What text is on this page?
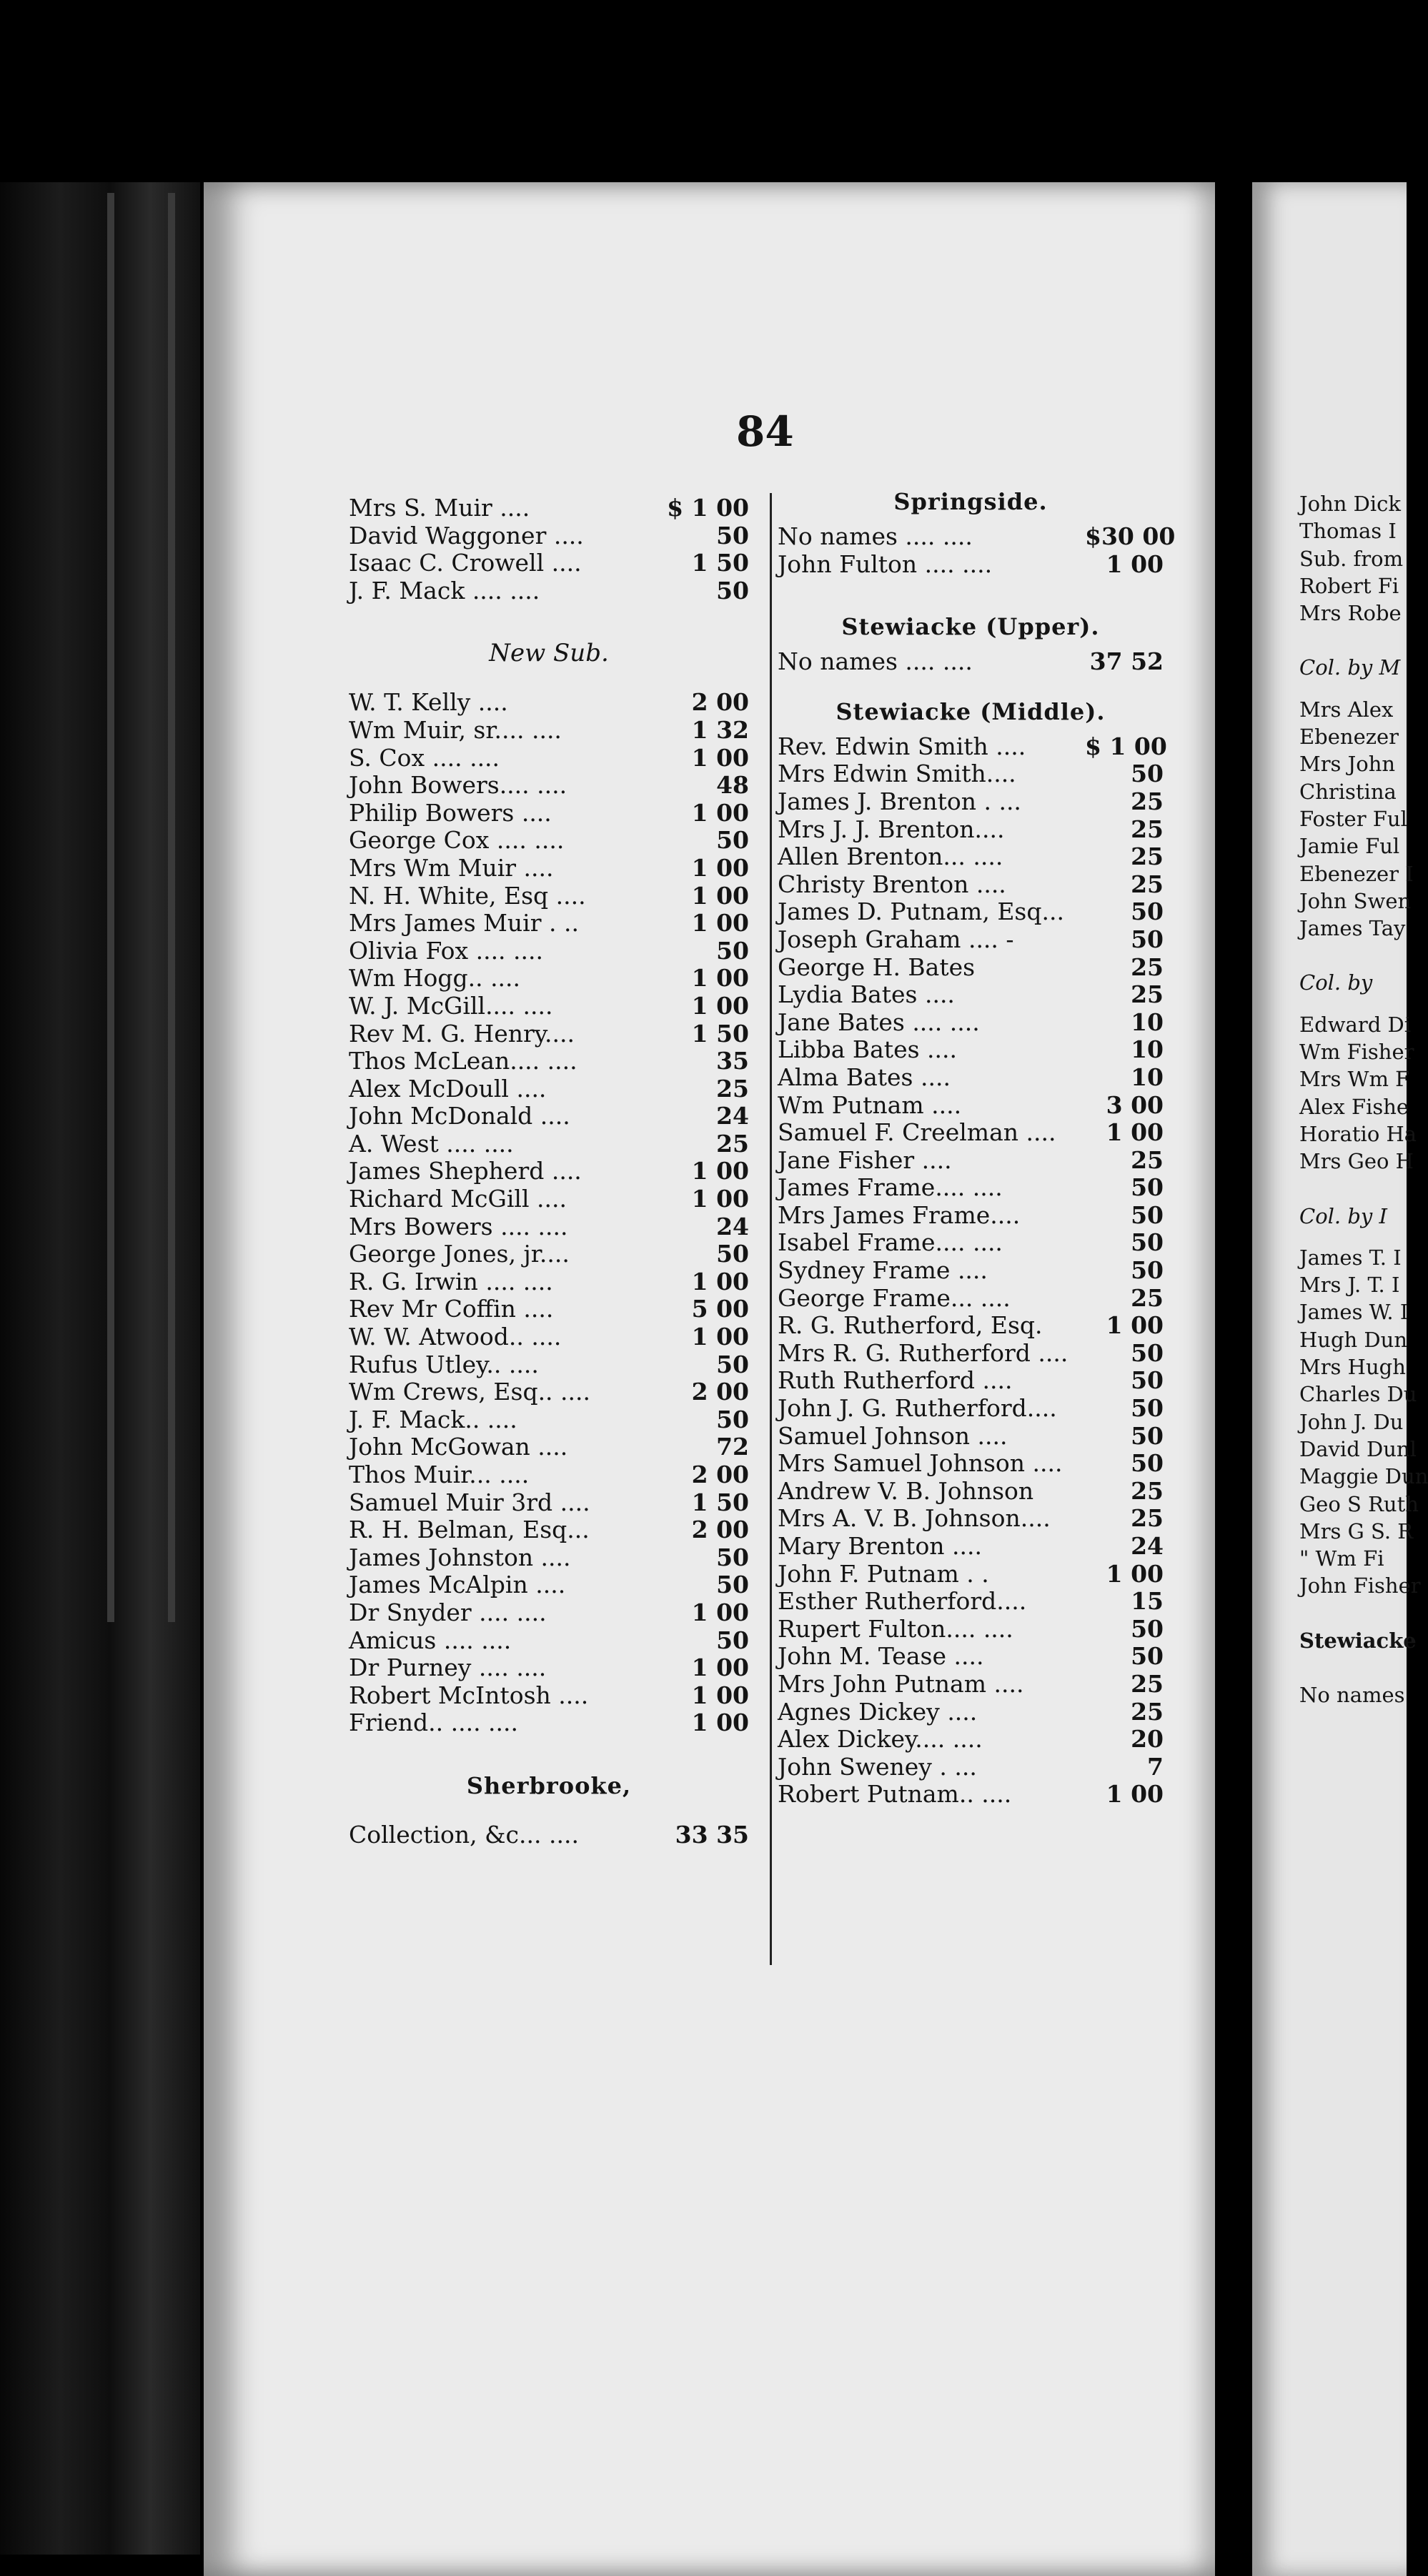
84
Mrs S. Muir ....	$ 1 00
David Waggoner ....	50
Isaac C. Crowell ....	1 50
J. F. Mack .... ....	50
New Sub.
W. T. Kelly ....	2 00
Wm Muir, sr.... ....	1 32
S. Cox .... ....	1 00
John Bowers.... ....	48
Philip Bowers ....	1 00
George Cox .... ....	50
Mrs Wm Muir ....	1 00
N. H. White, Esq ....	1 00
Mrs James Muir . ..	1 00
Olivia Fox .... ....	50
Wm Hogg.. ....	1 00
W. J. McGill.... ....	1 00
Rev M. G. Henry....	1 50
Thos McLean.... ....	35
Alex McDoull ....	25
John McDonald ....	24
A. West .... ....	25
James Shepherd ....	1 00
Richard McGill ....	1 00
Mrs Bowers .... ....	24
George Jones, jr....	50
R. G. Irwin .... ....	1 00
Rev Mr Coffin ....	5 00
W. W. Atwood.. ....	1 00
Rufus Utley.. ....	50
Wm Crews, Esq.. ....	2 00
J. F. Mack.. ....	50
John McGowan ....	72
Thos Muir... ....	2 00
Samuel Muir 3rd ....	1 50
R. H. Belman, Esq...	2 00
James Johnston ....	50
James McAlpin ....	50
Dr Snyder .... ....	1 00
Amicus .... ....	50
Dr Purney .... ....	1 00
Robert McIntosh ....	1 00
Friend.. .... ....	1 00
Sherbrooke,
Collection, &c... ....	33 35
Springside.
No names .... ....	$30 00
John Fulton .... ....	1 00
Stewiacke (Upper).
No names .... ....	37 52
Stewiacke (Middle).
Rev. Edwin Smith ....	$ 1 00
Mrs Edwin Smith....	50
James J. Brenton . ...	25
Mrs J. J. Brenton....	25
Allen Brenton... ....	25
Christy Brenton ....	25
James D. Putnam, Esq...	50
Joseph Graham .... -	50
George H. Bates	25
Lydia Bates ....	25
Jane Bates .... ....	10
Libba Bates ....	10
Alma Bates ....	10
Wm Putnam ....	3 00
Samuel F. Creelman ....	1 00
Jane Fisher ....	25
James Frame.... ....	50
Mrs James Frame....	50
Isabel Frame.... ....	50
Sydney Frame ....	50
George Frame... ....	25
R. G. Rutherford, Esq.	1 00
Mrs R. G. Rutherford ....	50
Ruth Rutherford ....	50
John J. G. Rutherford....	50
Samuel Johnson ....	50
Mrs Samuel Johnson ....	50
Andrew V. B. Johnson	25
Mrs A. V. B. Johnson....	25
Mary Brenton ....	24
John F. Putnam . .	1 00
Esther Rutherford....	15
Rupert Fulton.... ....	50
John M. Tease ....	50
Mrs John Putnam ....	25
Agnes Dickey ....	25
Alex Dickey.... ....	20
John Sweney . ...	7
Robert Putnam.. ....	1 00
John Dick
Thomas I
Sub. from
Robert Fi
Mrs Robe
Col. by M
Mrs Alex
Ebenezer
Mrs John
Christina
Foster Ful
Jamie Ful
Ebenezer I
John Swen
James Tay
Col. by
Edward Di
Wm Fisher
Mrs Wm F
Alex Fishe
Horatio Ha
Mrs Geo H
Col. by I
James T. I
Mrs J. T. I
James W. I
Hugh Dun
Mrs Hugh
Charles Du
John J. Du
David Dunl
Maggie Dun
Geo S Ruth
Mrs G S. R
" Wm Fi
John Fisher
Stewiacke
No names
